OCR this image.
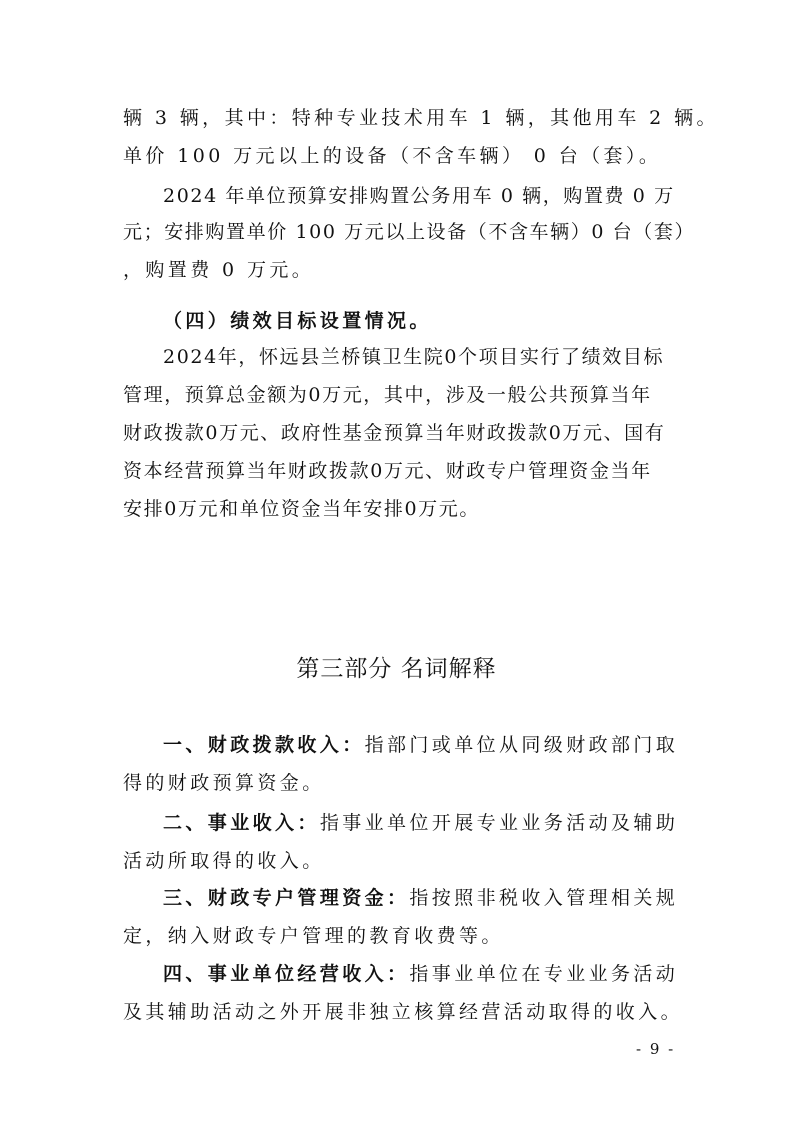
辆 3 辆，其中：特种专业技术用车 1 辆，其他用车 2 辆。
单价 100 万元以上的设备（不含车辆） 0 台（套）。
2024 年单位预算安排购置公务用车 0 辆，购置费 0 万
元；安排购置单价 100 万元以上设备（不含车辆）0 台（套）
，购置费 0 万元。
（四）绩效目标设置情况。
2024年，怀远县兰桥镇卫生院0个项目实行了绩效目标
管理，预算总金额为0万元，其中，涉及一般公共预算当年
财政拨款0万元、政府性基金预算当年财政拨款0万元、国有
资本经营预算当年财政拨款0万元、财政专户管理资金当年
安排0万元和单位资金当年安排0万元。
第三部分 名词解释
一、财政拨款收入：指部门或单位从同级财政部门取
得的财政预算资金。
二、事业收入：指事业单位开展专业业务活动及辅助
活动所取得的收入。
三、财政专户管理资金：指按照非税收入管理相关规
定，纳入财政专户管理的教育收费等。
四、事业单位经营收入：指事业单位在专业业务活动
及其辅助活动之外开展非独立核算经营活动取得的收入。
- 9 -
